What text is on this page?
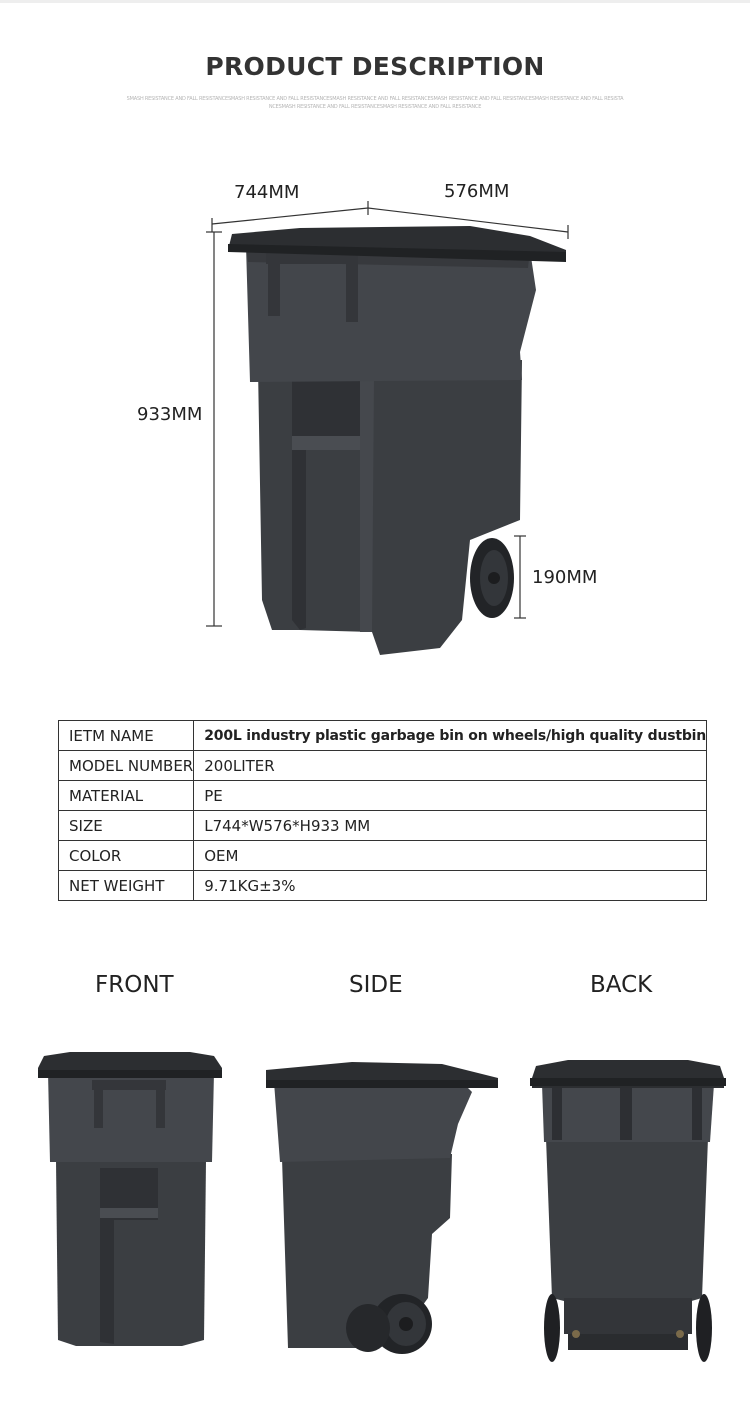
PRODUCT DESCRIPTION
SMASH RESISTANCE AND FALL RESISTANCESMASH RESISTANCE AND FALL RESISTANCESMASH RESISTANCE AND FALL RESISTANCESMASH RESISTANCE AND FALL RESISTANCESMASH RESISTANCE AND FALL RESISTA
NCESMASH RESISTANCE AND FALL RESISTANCESMASH RESISTANCE AND FALL RESISTANCE
744MM	576MM
933MM
190MM
IETM NAME	200L industry plastic garbage bin on wheels/high quality dustbin
MODEL NUMBER	200LITER
MATERIAL	PE
SIZE	L744*W576*H933 MM
COLOR	OEM
NET WEIGHT	9.71KG±3%
FRONT	SIDE	BACK
